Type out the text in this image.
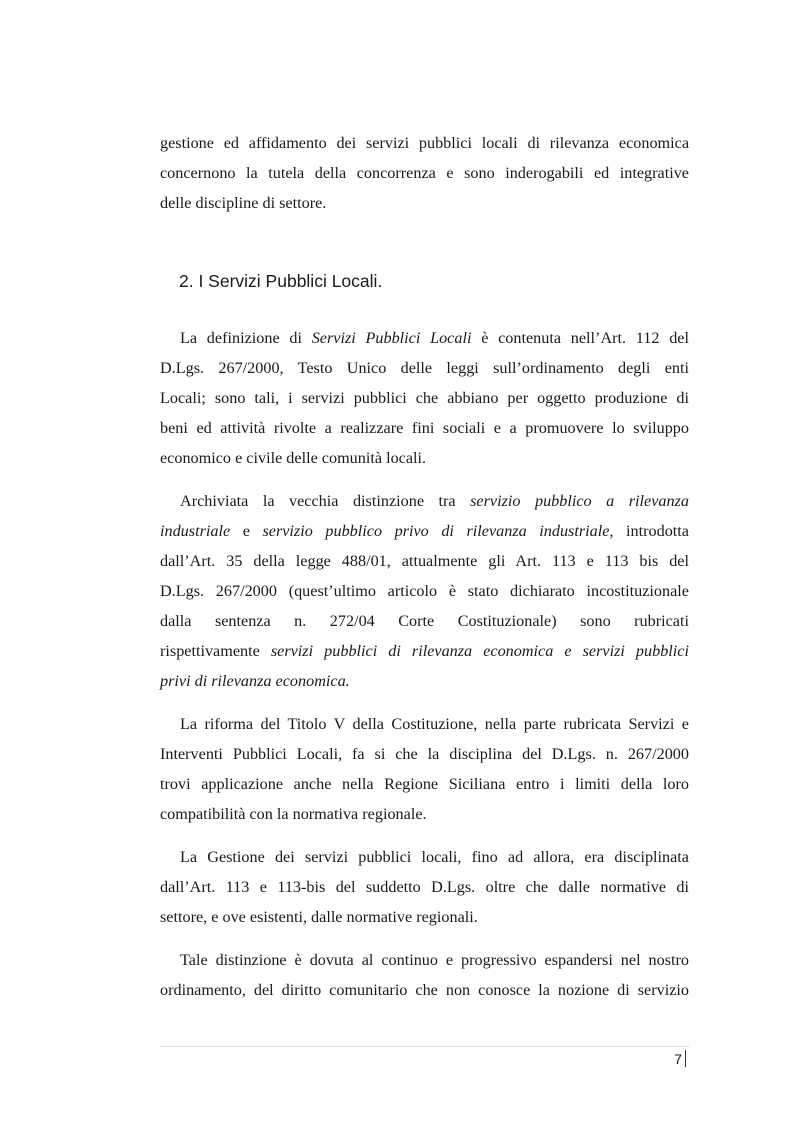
gestione ed affidamento dei servizi pubblici locali di rilevanza economica
concernono la tutela della concorrenza e sono inderogabili ed integrative
delle discipline di settore.
2. I Servizi Pubblici Locali.
La definizione di Servizi Pubblici Locali è contenuta nell’Art. 112 del
D.Lgs. 267/2000, Testo Unico delle leggi sull’ordinamento degli enti
Locali; sono tali, i servizi pubblici che abbiano per oggetto produzione di
beni ed attività rivolte a realizzare fini sociali e a promuovere lo sviluppo
economico e civile delle comunità locali.
Archiviata la vecchia distinzione tra servizio pubblico a rilevanza
industriale e servizio pubblico privo di rilevanza industriale, introdotta
dall’Art. 35 della legge 488/01, attualmente gli Art. 113 e 113 bis del
D.Lgs. 267/2000 (quest’ultimo articolo è stato dichiarato incostituzionale
dalla sentenza n. 272/04 Corte Costituzionale) sono rubricati
rispettivamente servizi pubblici di rilevanza economica e servizi pubblici
privi di rilevanza economica.
La riforma del Titolo V della Costituzione, nella parte rubricata Servizi e
Interventi Pubblici Locali, fa si che la disciplina del D.Lgs. n. 267/2000
trovi applicazione anche nella Regione Siciliana entro i limiti della loro
compatibilità con la normativa regionale.
La Gestione dei servizi pubblici locali, fino ad allora, era disciplinata
dall’Art. 113 e 113-bis del suddetto D.Lgs. oltre che dalle normative di
settore, e ove esistenti, dalle normative regionali.
Tale distinzione è dovuta al continuo e progressivo espandersi nel nostro
ordinamento, del diritto comunitario che non conosce la nozione di servizio
7
